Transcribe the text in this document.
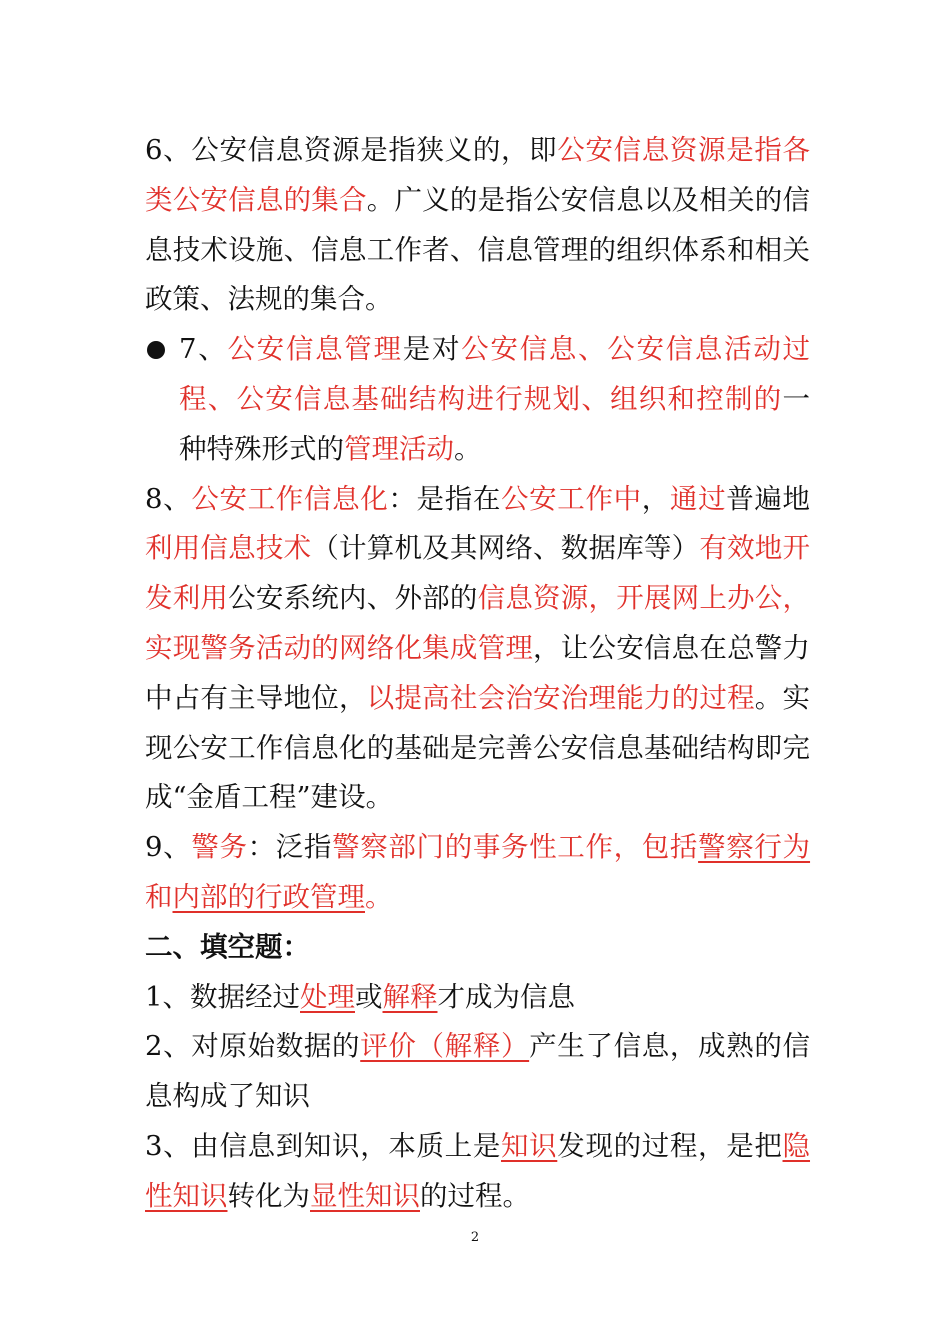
6、公安信息资源是指狭义的，即公安信息资源是指各类公安信息的集合。广义的是指公安信息以及相关的信息技术设施、信息工作者、信息管理的组织体系和相关政策、法规的集合。

7、公安信息管理是对公安信息、公安信息活动过程、公安信息基础结构进行规划、组织和控制的一种特殊形式的管理活动。

8、公安工作信息化：是指在公安工作中，通过普遍地利用信息技术（计算机及其网络、数据库等）有效地开发利用公安系统内、外部的信息资源，开展网上办公，实现警务活动的网络化集成管理，让公安信息在总警力中占有主导地位，以提高社会治安治理能力的过程。实现公安工作信息化的基础是完善公安信息基础结构即完成“金盾工程”建设。

9、警务：泛指警察部门的事务性工作，包括警察行为和内部的行政管理。

二、填空题：

1、数据经过处理或解释才成为信息

2、对原始数据的评价（解释）产生了信息，成熟的信息构成了知识

3、由信息到知识，本质上是知识发现的过程，是把隐性知识转化为显性知识的过程。

2
